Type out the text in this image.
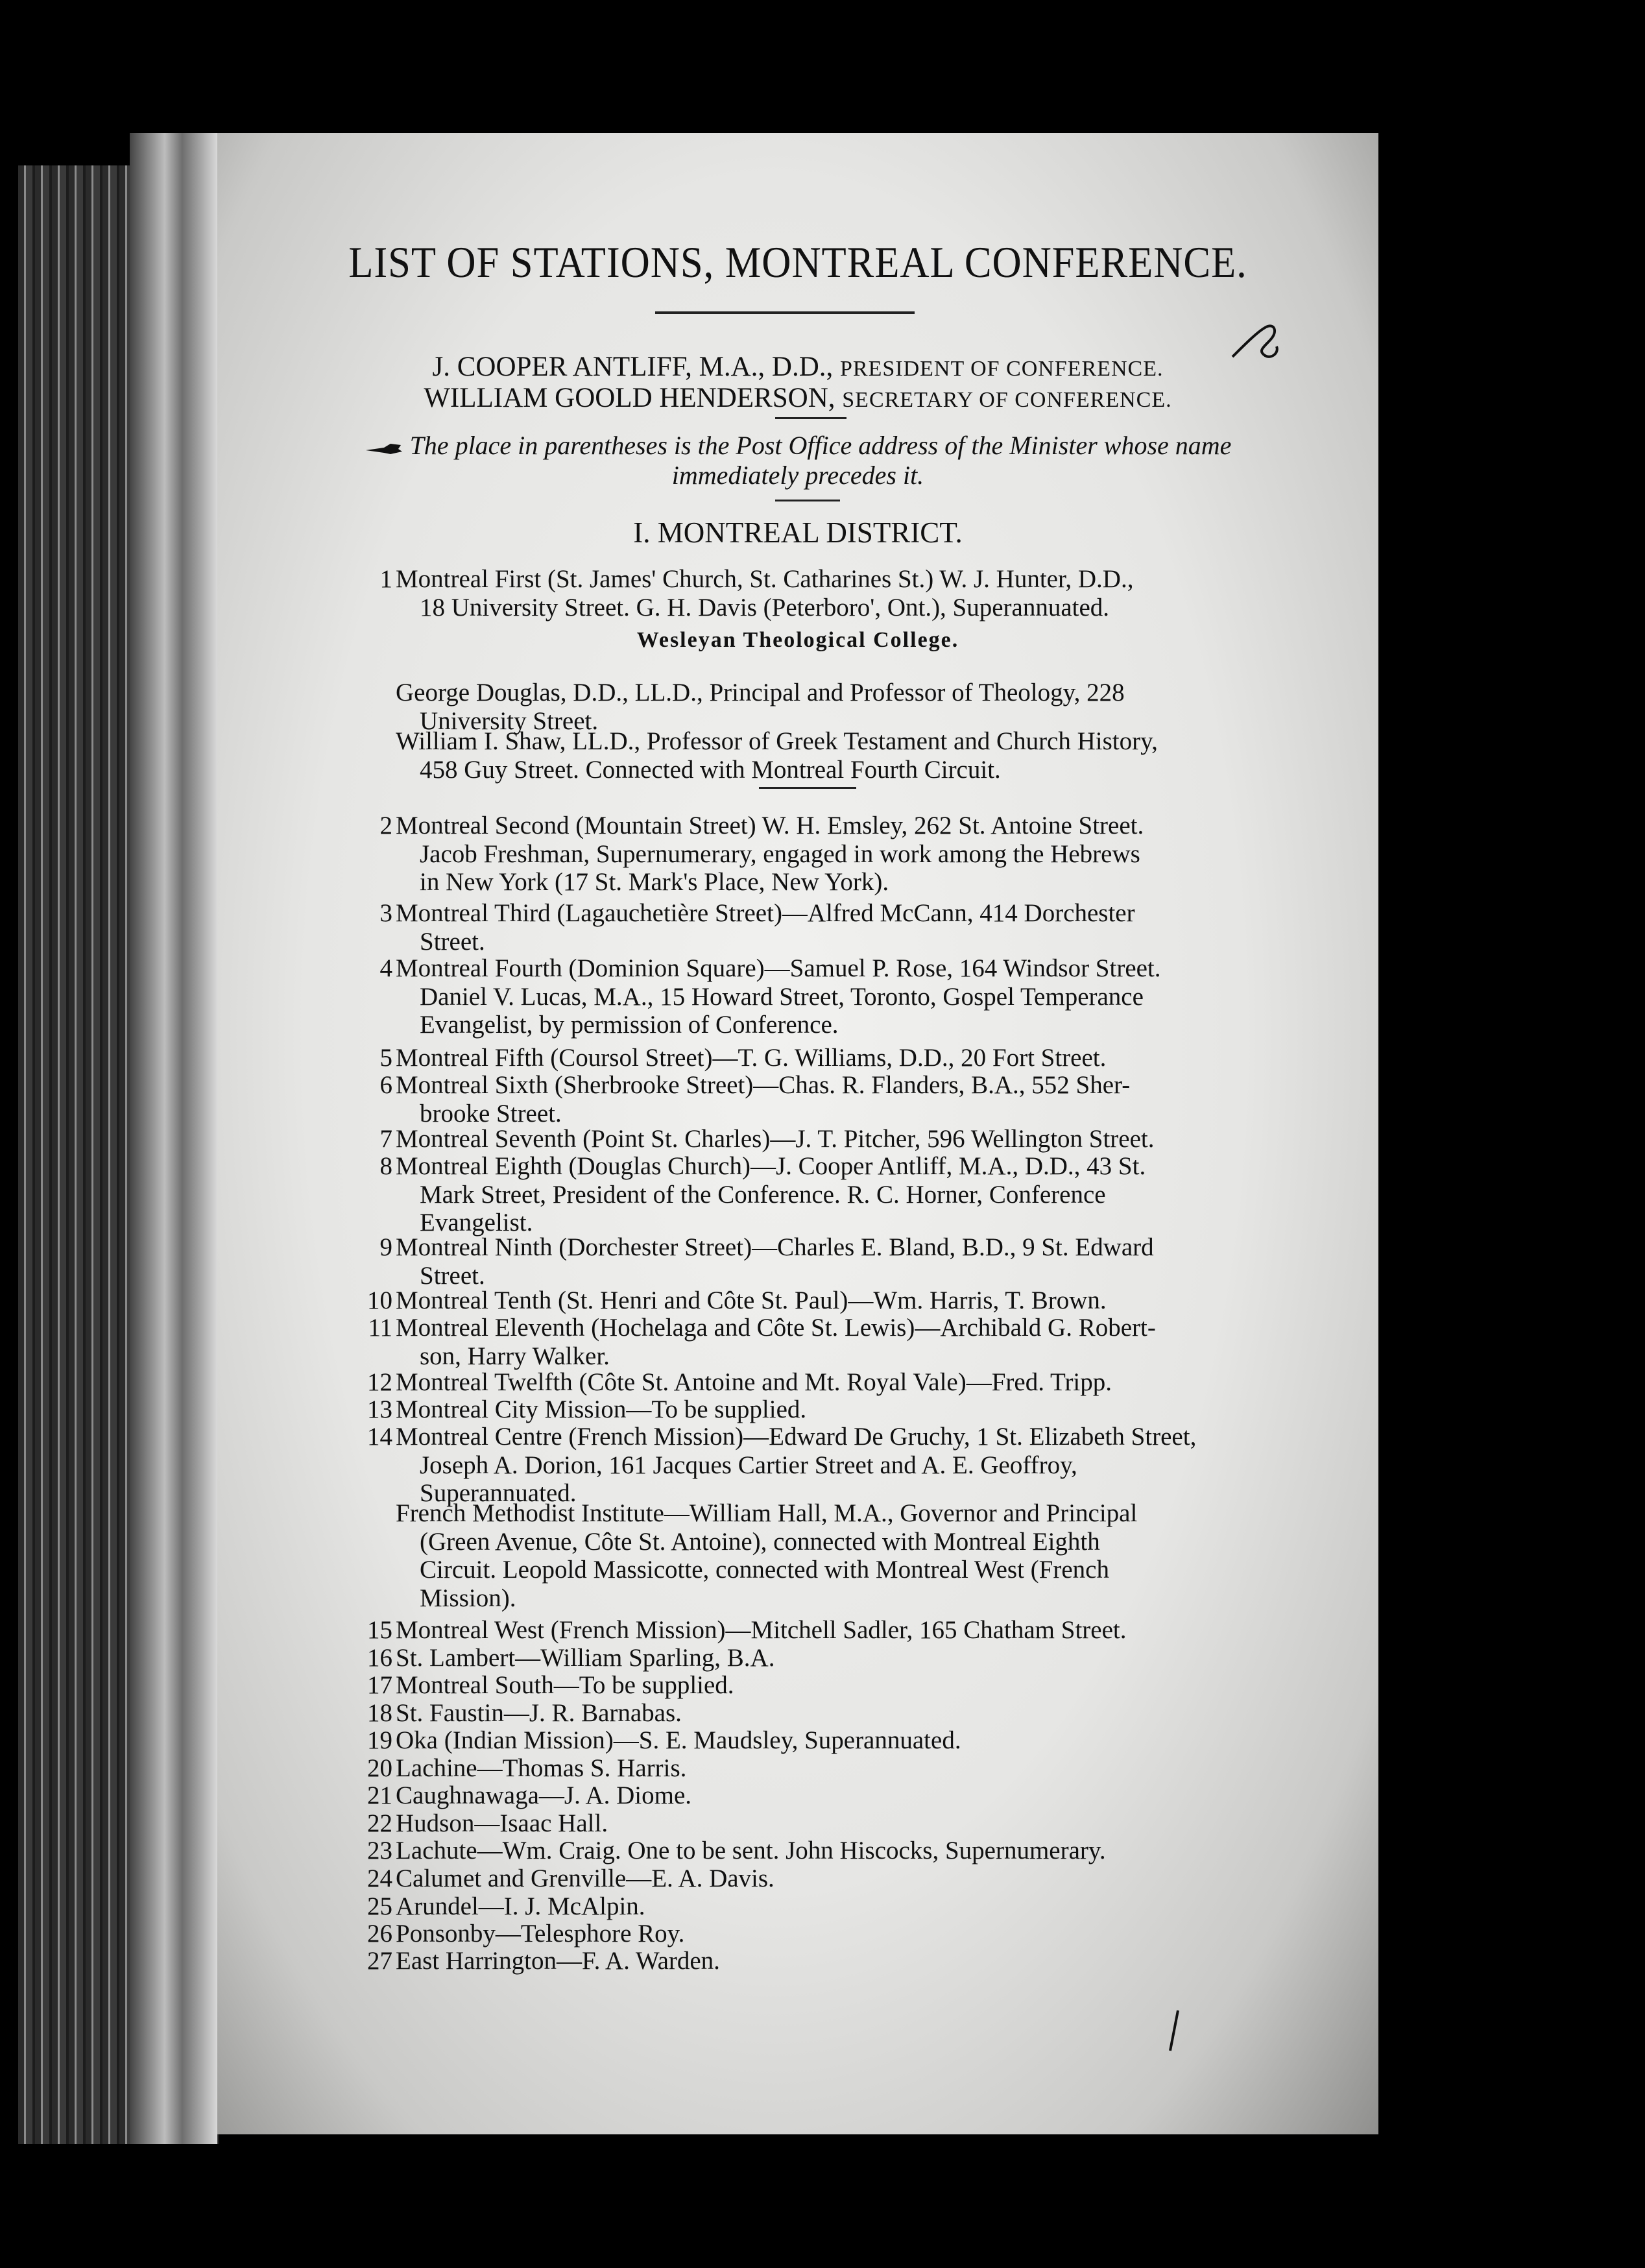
LIST OF STATIONS, MONTREAL CONFERENCE.
J. COOPER ANTLIFF, M.A., D.D., PRESIDENT OF CONFERENCE.
WILLIAM GOOLD HENDERSON, SECRETARY OF CONFERENCE.
The place in parentheses is the Post Office address of the Minister whose name
immediately precedes it.
I. MONTREAL DISTRICT.
1 Montreal First (St. James' Church, St. Catharines St.) W. J. Hunter, D.D.,
18 University Street. G. H. Davis (Peterboro', Ont.), Superannuated.
George Douglas, D.D., LL.D., Principal and Professor of Theology, 228
University Street.
William I. Shaw, LL.D., Professor of Greek Testament and Church History,
458 Guy Street. Connected with Montreal Fourth Circuit.
2 Montreal Second (Mountain Street) W. H. Emsley, 262 St. Antoine Street.
Jacob Freshman, Supernumerary, engaged in work among the Hebrews
in New York (17 St. Mark's Place, New York).
3 Montreal Third (Lagauchetière Street)—Alfred McCann, 414 Dorchester
Street.
4 Montreal Fourth (Dominion Square)—Samuel P. Rose, 164 Windsor Street.
Daniel V. Lucas, M.A., 15 Howard Street, Toronto, Gospel Temperance
Evangelist, by permission of Conference.
5 Montreal Fifth (Coursol Street)—T. G. Williams, D.D., 20 Fort Street.
6 Montreal Sixth (Sherbrooke Street)—Chas. R. Flanders, B.A., 552 Sher-
brooke Street.
7 Montreal Seventh (Point St. Charles)—J. T. Pitcher, 596 Wellington Street.
8 Montreal Eighth (Douglas Church)—J. Cooper Antliff, M.A., D.D., 43 St.
Mark Street, President of the Conference. R. C. Horner, Conference
Evangelist.
9 Montreal Ninth (Dorchester Street)—Charles E. Bland, B.D., 9 St. Edward
Street.
10 Montreal Tenth (St. Henri and Côte St. Paul)—Wm. Harris, T. Brown.
11 Montreal Eleventh (Hochelaga and Côte St. Lewis)—Archibald G. Robert-
son, Harry Walker.
12 Montreal Twelfth (Côte St. Antoine and Mt. Royal Vale)—Fred. Tripp.
13 Montreal City Mission—To be supplied.
14 Montreal Centre (French Mission)—Edward De Gruchy, 1 St. Elizabeth Street,
Joseph A. Dorion, 161 Jacques Cartier Street and A. E. Geoffroy,
Superannuated.
French Methodist Institute—William Hall, M.A., Governor and Principal
(Green Avenue, Côte St. Antoine), connected with Montreal Eighth
Circuit. Leopold Massicotte, connected with Montreal West (French
Mission).
15 Montreal West (French Mission)—Mitchell Sadler, 165 Chatham Street.
16 St. Lambert—William Sparling, B.A.
17 Montreal South—To be supplied.
18 St. Faustin—J. R. Barnabas.
19 Oka (Indian Mission)—S. E. Maudsley, Superannuated.
20 Lachine—Thomas S. Harris.
21 Caughnawaga—J. A. Diome.
22 Hudson—Isaac Hall.
23 Lachute—Wm. Craig. One to be sent. John Hiscocks, Supernumerary.
24 Calumet and Grenville—E. A. Davis.
25 Arundel—I. J. McAlpin.
26 Ponsonby—Telesphore Roy.
27 East Harrington—F. A. Warden.
Wesleyan Theological College.
